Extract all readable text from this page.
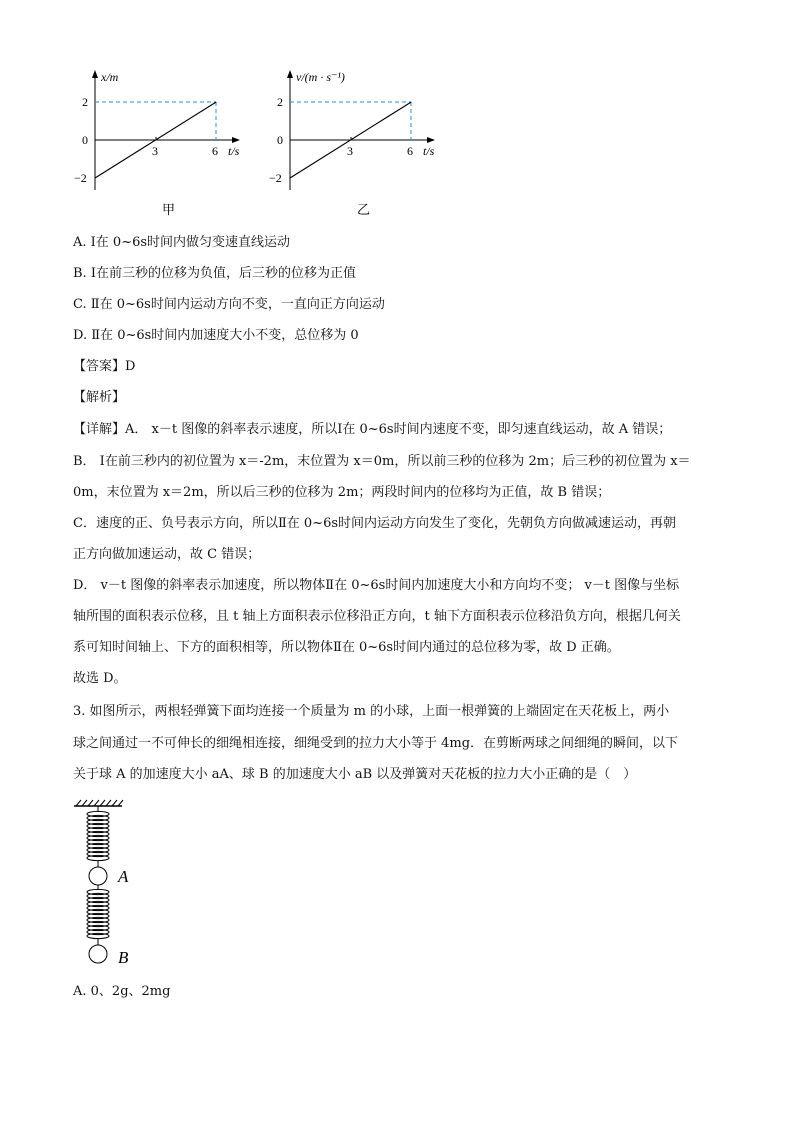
x/m
2
0
−2
3	6 t/s
甲
v/(m · s⁻¹)
2
0
−2
3	6 t/s
乙
A. Ⅰ在 0~6s时间内做匀变速直线运动
B. Ⅰ在前三秒的位移为负值，后三秒的位移为正值
C. Ⅱ在 0~6s时间内运动方向不变，一直向正方向运动
D. Ⅱ在 0~6s时间内加速度大小不变，总位移为 0
【答案】D
【解析】
【详解】A． x－t 图像的斜率表示速度，所以Ⅰ在 0~6s时间内速度不变，即匀速直线运动，故 A 错误；
B． Ⅰ在前三秒内的初位置为 x＝-2m，末位置为 x＝0m，所以前三秒的位移为 2m；后三秒的初位置为 x＝
0m，末位置为 x＝2m，所以后三秒的位移为 2m；两段时间内的位移均为正值，故 B 错误；
C．速度的正、负号表示方向，所以Ⅱ在 0~6s时间内运动方向发生了变化，先朝负方向做减速运动，再朝
正方向做加速运动，故 C 错误；
D． v－t 图像的斜率表示加速度，所以物体Ⅱ在 0~6s时间内加速度大小和方向均不变； v－t 图像与坐标
轴所围的面积表示位移，且 t 轴上方面积表示位移沿正方向，t 轴下方面积表示位移沿负方向，根据几何关
系可知时间轴上、下方的面积相等，所以物体Ⅱ在 0~6s时间内通过的总位移为零，故 D 正确。
故选 D。
3. 如图所示，两根轻弹簧下面均连接一个质量为 m 的小球，上面一根弹簧的上端固定在天花板上，两小
球之间通过一不可伸长的细绳相连接，细绳受到的拉力大小等于 4mg．在剪断两球之间细绳的瞬间，以下
关于球 A 的加速度大小 aA、球 B 的加速度大小 aB 以及弹簧对天花板的拉力大小正确的是（　）
A
B
A. 0、2g、2mg
